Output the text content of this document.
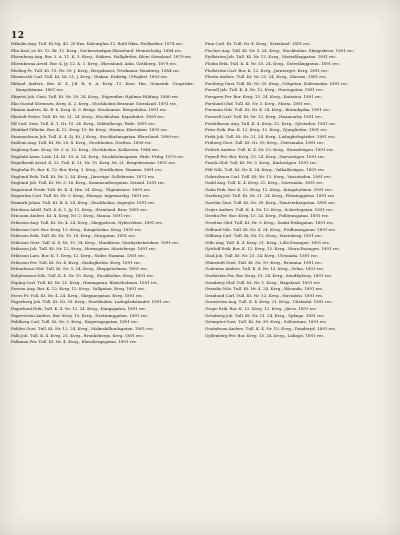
12
Edholm Aug. Tull. Kt Ng. 45. 20 Ens. Kalvarplan 12, Ruhl Hkm. Hoilbarker. 1874 rec.
Ehn Karl, ar. Kt. 15. Br. 12. Kvrg., Sockenstadgan Ekroslund. Heinrichshg. 1884 rec.
Ehrenberg Aug. Bor. 3. A. 11. K. 3. Kvrg., Stäkers. Hallgården, Blow, Sörmland. 1879 rec.
Ehrenkrona Arvid. Bor. 4. Jy. 12. K. 1. Kvrg., Ekroslund. Adm. Göthberg. 1879 rec.
Ehrling Fr. Tull. Kt. 13. Nr. 39. J. Kvrg., Bergshuset, Tröskanar. Hamburg. 1884 rec.
Ehrnrooth Carl. Tull. Kt. Nr. 21. J. Kvrg., Väskan. Eriksbg. Ulfvgård. 1893 rec.
Eklund Anders. Bor. K. 4. J.B. K. 6. A. Kvrg. 12. Korr. Hm. Gemenik. Gropriska. Kungshämna. 1887 rec.
Ekqvist Joh. Gust. Tull. Kt. Nr. 39. 24. Kvrg., Stipendier, Hjalmar Hilding. 1880 rec.
Eko Gustaf Sörensen. Kvrg. K. 2. Kvrg., Stockholms Brunnar. Sörmland. 1891 rec.
Ekman Anders. Kt. B. 6. Kvrg. K. 9. Bergs. Stenhamns. Bergsdalen. 1891 rec.
Ekstedt Petter. Tull. Kt. Nr. 21. 24. Kvrg., Stockholms. Kaprifoliet. 1859 rec.
Elf Carl. Sem. Tull. K. 1. Nr. 15. 24. Kvrg., Nibbelbergs. Fäde. 1891 rec.
Elmblad Vilhelm. Bor. K. 12. Kvrg. 10. Br. Kvrg., Hamna. Klostaken. 1891 rec.
Emanuelsson Joh. Tull. K. 4. Sj. Kt. J. Kvrg., Stockholmsgatan. Ekroslund. 1890 rec.
Enblom Aug. Tull. Kt. Nr. 20. 4. Kvrg., Stockholms. Grafton. 1890 rec.
Engberg Sam. Kvrg. Nr. 3. A. 12. Kvrg., Stockholms. Kallström. 1884 rec.
Engdahl Anna. Lulä. 14. Kt. 19. A. 24. Kvrg., Stockholmsgatan. Fäde. Fribg. 1879 rec.
Engelbrekt Arvid. K. 12. Tull. K. 11. Nr. 15. Kvrg. Nr. 21. Bergsbrunnar. 1891 rec.
Engholm Fr. Bor. K. 12. Bor. Kvrg. 3. Kvrg., Stockholms. Hamma. 1891 rec.
Englund Erik. Tull. Kt. Nr. 3. 24. Kvrg., Järnvägs. Sollebrunn. 1871 rec.
Englund Joh. Tull. Kt. Nr. 3. 16. Kvrg., Kommendörsgatan. Strand. 1891 rec.
Engstrand Fredr. Tull. Kt. K. 4. Hm. 24. Kvrg., Tågmästare. 1891 rec.
Engström Carl. Tull. Kt. Nr. 3. Kvrg., Hisings. Ingemarsbg. 1891 rec.
Enmark Johan. Tull. Kt. B. 4. 24. Kvrg., Stockholms. Ingenjör. 1891 rec.
Erickson Adolf. Tull. 4. K. 1. Jy. 12. Kvrg., Sörmland. Bror. 1891 rec.
Ericsson Anders. Kt. 4. Kvrg. Nr. 2. Kvrg., Hanna. 1891 rec.
Eriksson Aug. Tull. Kt. Nr. 4. 24. Kvrg., Skeppsbron. Nybroviken. 1891 rec.
Eriksson Carl. Bor. Kvrg. 15. Kvrg., Kungsholms. Kvrg. 1891 rec.
Eriksson Erik. Tull. Kt. Nr. 39. 16. Kvrg., Storgatan. 1891 rec.
Eriksson Gust. Tull. K. 4. Nr. 15. 24. Kvrg., Munkbron. Storkyrkobrinken. 1891 rec.
Eriksson Joh. Tull. Kt. Nr. 12. Kvrg., Hornsgatan. Mariebergs. 1891 rec.
Eriksson Lars. Bor. K. 1. Kvrg. 12. Kvrg., Söder. Hamma. 1891 rec.
Eriksson Per. Tull. Kt. Nr. 4. Kvrg., Stadsgården. Kvrg. 1891 rec.
Erlandsson Olof. Tull. Kt. Nr. 3. 24. Kvrg., Skeppsholmen. 1891 rec.
Esbjörnsson Nils. Tull. K. 4. Nr. 15. Kvrg., Stockholms. Kvrg. 1891 rec.
Esping Carl. Tull. Kt. Nr. 21. Kvrg., Hamngatan. Blasieholmen. 1891 rec.
Esseen Aug. Bor. K. 12. Kvrg. 12. Kvrg., Vallgatan. Kvrg. 1891 rec.
Evers Fr. Tull. Kt. Nr. 4. 24. Kvrg., Skeppargatan. Kvrg. 1891 rec.
Fagerberg Joh. Tull. Kt. Nr. 39. Kvrg., Stockholms. Ladugårdslandet. 1891 rec.
Fagerlund Erik. Tull. K. 4. Nr. 12. 24. Kvrg., Kungsgatan. 1891 rec.
Fagerström Anders. Bor. Kvrg. 15. Kvrg., Drottninggatan. 1891 rec.
Fahlberg Carl. Tull. Kt. Nr. 3. Kvrg., Regeringsgatan. 1891 rec.
Fahlén Gust. Tull. Kt. Nr. 12. 24. Kvrg., Malmskillnadsgatan. 1891 rec.
Falk Joh. Tull. K. 4. Kvrg. 21. Kvrg., Brunkebergs. Kvrg. 1891 rec.
Falkman Per. Tull. Kt. Nr. 4. Kvrg., Klarabergsgatan. 1891 rec.
Finn Carl. Kt. Tull. Nr. 4. Kvrg., Sörmland. 1891 rec.
Fischer Aug. Tull. Kt. Nr. 3. 24. Kvrg., Stockholms. Skeppsbron. 1891 rec.
Fjellström Joh. Tull. Kt. Nr. 12. Kvrg., Västerlånggatan. 1891 rec.
Flodin Erik. Tull. K. 4. Nr. 15. 24. Kvrg., Österlånggatan. 1891 rec.
Flodström Carl. Bor. K. 12. Kvrg., Järntorget. Kvrg. 1891 rec.
Florén Anders. Tull. Kt. Nr. 21. 24. Kvrg., Slussen. 1891 rec.
Forsberg Gust. Tull. Kt. Nr. 39. Kvrg., Götgatan. Södermalm. 1891 rec.
Forsell Joh. Tull. K. 4. Nr. 12. Kvrg., Hornsgatan. 1891 rec.
Forsgren Per. Bor. Kvrg. 15. 24. Kvrg., Katarina. 1891 rec.
Forslund Olof. Tull. Kt. Nr. 3. Kvrg., Maria. 1891 rec.
Forsman Nils. Tull. Kt. Nr. 4. 24. Kvrg., Brännkyrka. 1891 rec.
Forssell Carl. Tull. Kt. Nr. 12. Kvrg., Hammarby. 1891 rec.
Fredriksson Aug. Tull. K. 4. Kvrg. 21. Kvrg., Sjöstaden. 1891 rec.
Fries Erik. Bor. K. 12. Kvrg. 12. Kvrg., Djurgården. 1891 rec.
Frisk Joh. Tull. Kt. Nr. 21. 24. Kvrg., Ladugårdsgärdet. 1891 rec.
Fröberg Gust. Tull. Kt. Nr. 39. Kvrg., Östermalm. 1891 rec.
Frölich Anders. Tull. K. 4. Nr. 15. Kvrg., Strandvägen. 1891 rec.
Fryxell Per. Bor. Kvrg. 15. 24. Kvrg., Narvavägen. 1891 rec.
Funck Olof. Tull. Kt. Nr. 3. Kvrg., Karlavägen. 1891 rec.
Fält Nils. Tull. Kt. Nr. 4. 24. Kvrg., Valhallavägen. 1891 rec.
Gabrielsson Carl. Tull. Kt. Nr. 12. Kvrg., Vasastaden. 1891 rec.
Gadd Aug. Tull. K. 4. Kvrg. 21. Kvrg., Norrmalm. 1891 rec.
Gahn Erik. Bor. K. 12. Kvrg. 12. Kvrg., Kungsholmen. 1891 rec.
Garberg Joh. Tull. Kt. Nr. 21. 24. Kvrg., Fleminggatan. 1891 rec.
Gavelin Gust. Tull. Kt. Nr. 39. Kvrg., Hantverkargatan. 1891 rec.
Geijer Anders. Tull. K. 4. Nr. 15. Kvrg., Scheelegatan. 1891 rec.
Gerdin Per. Bor. Kvrg. 15. 24. Kvrg., Polhemsgatan. 1891 rec.
Gezelius Olof. Tull. Kt. Nr. 3. Kvrg., Sankt Eriksgatan. 1891 rec.
Gidlund Nils. Tull. Kt. Nr. 4. 24. Kvrg., Fridhemsgatan. 1891 rec.
Gillberg Carl. Tull. Kt. Nr. 12. Kvrg., Marieberg. 1891 rec.
Gille Aug. Tull. K. 4. Kvrg. 21. Kvrg., Lilla Essingen. 1891 rec.
Gjörloff Erik. Bor. K. 12. Kvrg. 12. Kvrg., Stora Essingen. 1891 rec.
Glad Joh. Tull. Kt. Nr. 21. 24. Kvrg., Ulvsunda. 1891 rec.
Glimstedt Gust. Tull. Kt. Nr. 39. Kvrg., Bromma. 1891 rec.
Godenius Anders. Tull. K. 4. Nr. 15. Kvrg., Solna. 1891 rec.
Grafström Per. Bor. Kvrg. 15. 24. Kvrg., Sundbyberg. 1891 rec.
Granberg Olof. Tull. Kt. Nr. 3. Kvrg., Hagalund. 1891 rec.
Grandin Nils. Tull. Kt. Nr. 4. 24. Kvrg., Råsunda. 1891 rec.
Granlund Carl. Tull. Kt. Nr. 12. Kvrg., Huvudsta. 1891 rec.
Granström Aug. Tull. K. 4. Kvrg. 21. Kvrg., Ulriksdal. 1891 rec.
Grape Erik. Bor. K. 12. Kvrg. 12. Kvrg., Järva. 1891 rec.
Grönberg Joh. Tull. Kt. Nr. 21. 24. Kvrg., Spånga. 1891 rec.
Grönqvist Gust. Tull. Kt. Nr. 39. Kvrg., Sollentuna. 1891 rec.
Gustafsson Anders. Tull. K. 4. Nr. 15. Kvrg., Danderyd. 1891 rec.
Gyllenberg Per. Bor. Kvrg. 15. 24. Kvrg., Lidingö. 1891 rec.
